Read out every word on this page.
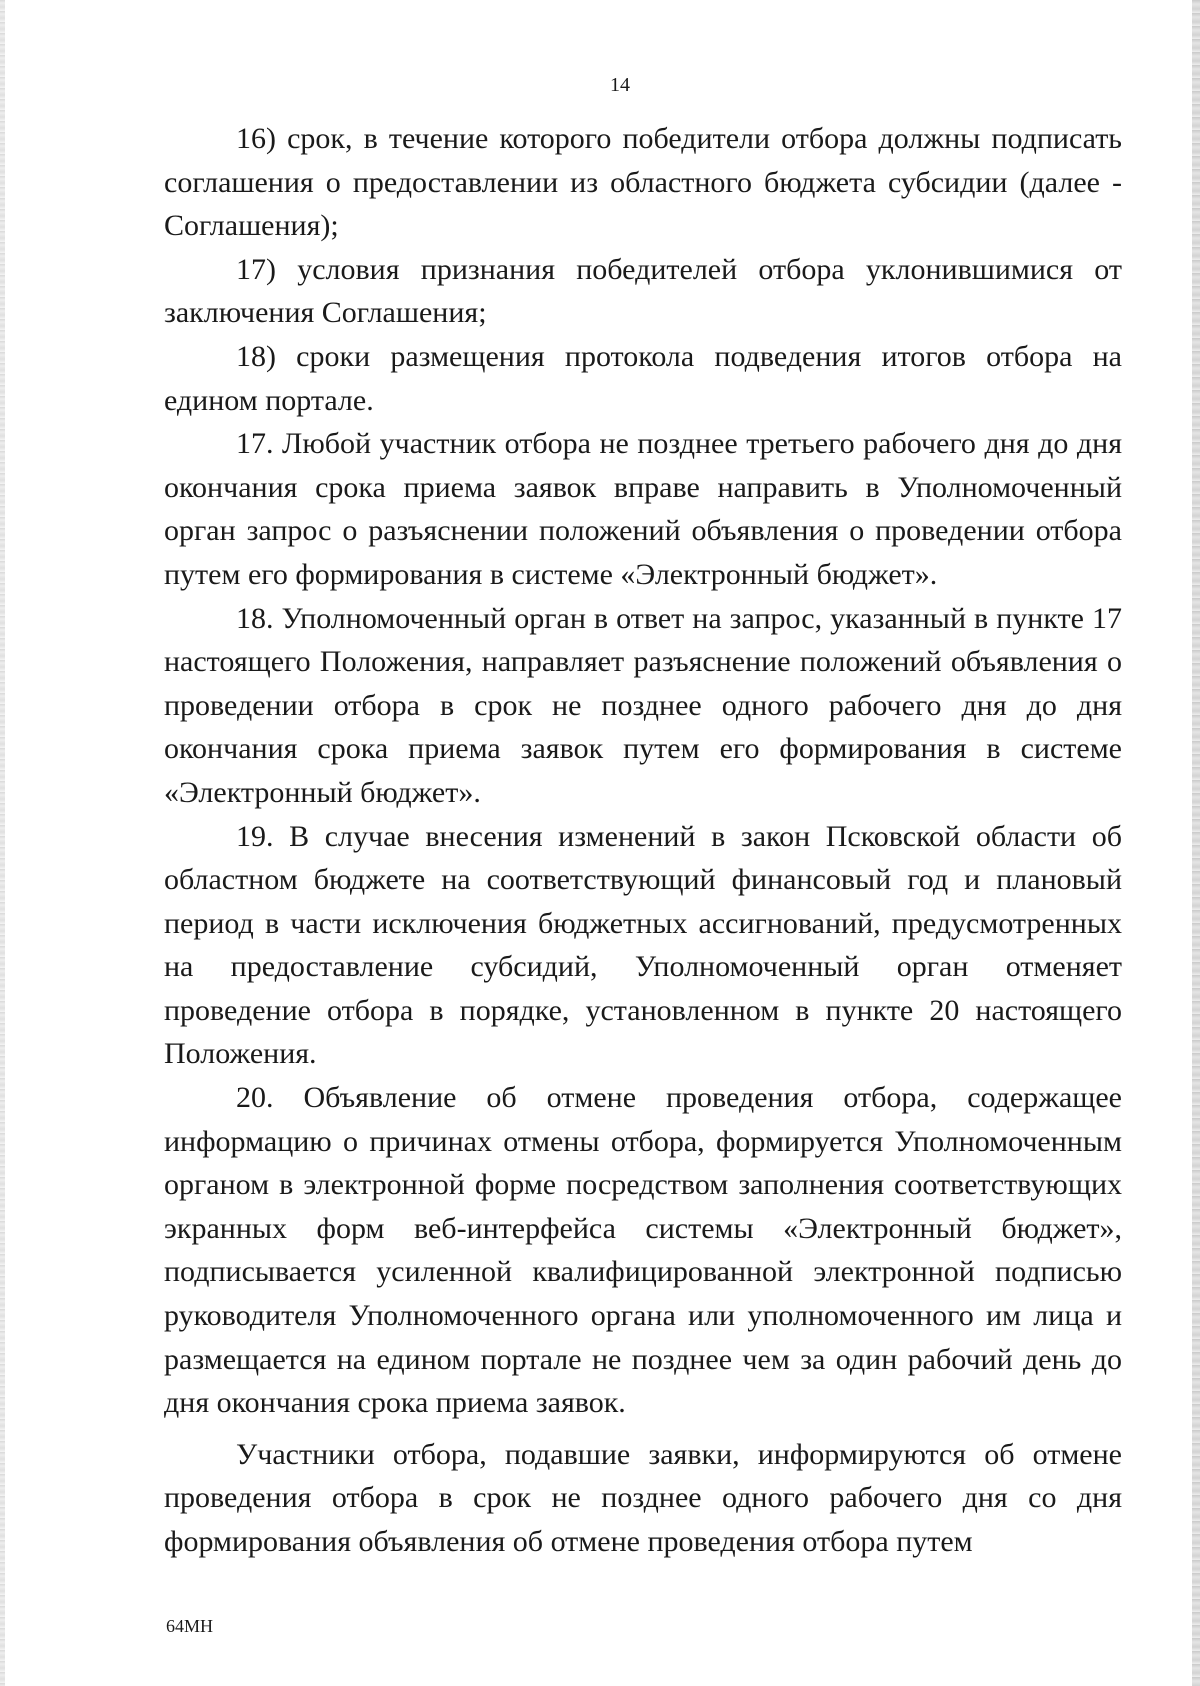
14

16) срок, в течение которого победители отбора должны подписать соглашения о предоставлении из областного бюджета субсидии (далее - Соглашения);

17) условия признания победителей отбора уклонившимися от заключения Соглашения;

18) сроки размещения протокола подведения итогов отбора на едином портале.

17. Любой участник отбора не позднее третьего рабочего дня до дня окончания срока приема заявок вправе направить в Уполномоченный орган запрос о разъяснении положений объявления о проведении отбора путем его формирования в системе «Электронный бюджет».

18. Уполномоченный орган в ответ на запрос, указанный в пункте 17 настоящего Положения, направляет разъяснение положений объявления о проведении отбора в срок не позднее одного рабочего дня до дня окончания срока приема заявок путем его формирования в системе «Электронный бюджет».

19. В случае внесения изменений в закон Псковской области об областном бюджете на соответствующий финансовый год и плановый период в части исключения бюджетных ассигнований, предусмотренных на предоставление субсидий, Уполномоченный орган отменяет проведение отбора в порядке, установленном в пункте 20 настоящего Положения.

20. Объявление об отмене проведения отбора, содержащее информацию о причинах отмены отбора, формируется Уполномоченным органом в электронной форме посредством заполнения соответствующих экранных форм веб-интерфейса системы «Электронный бюджет», подписывается усиленной квалифицированной электронной подписью руководителя Уполномоченного органа или уполномоченного им лица и размещается на едином портале не позднее чем за один рабочий день до дня окончания срока приема заявок.

Участники отбора, подавшие заявки, информируются об отмене проведения отбора в срок не позднее одного рабочего дня со дня формирования объявления об отмене проведения отбора путем

64МН
